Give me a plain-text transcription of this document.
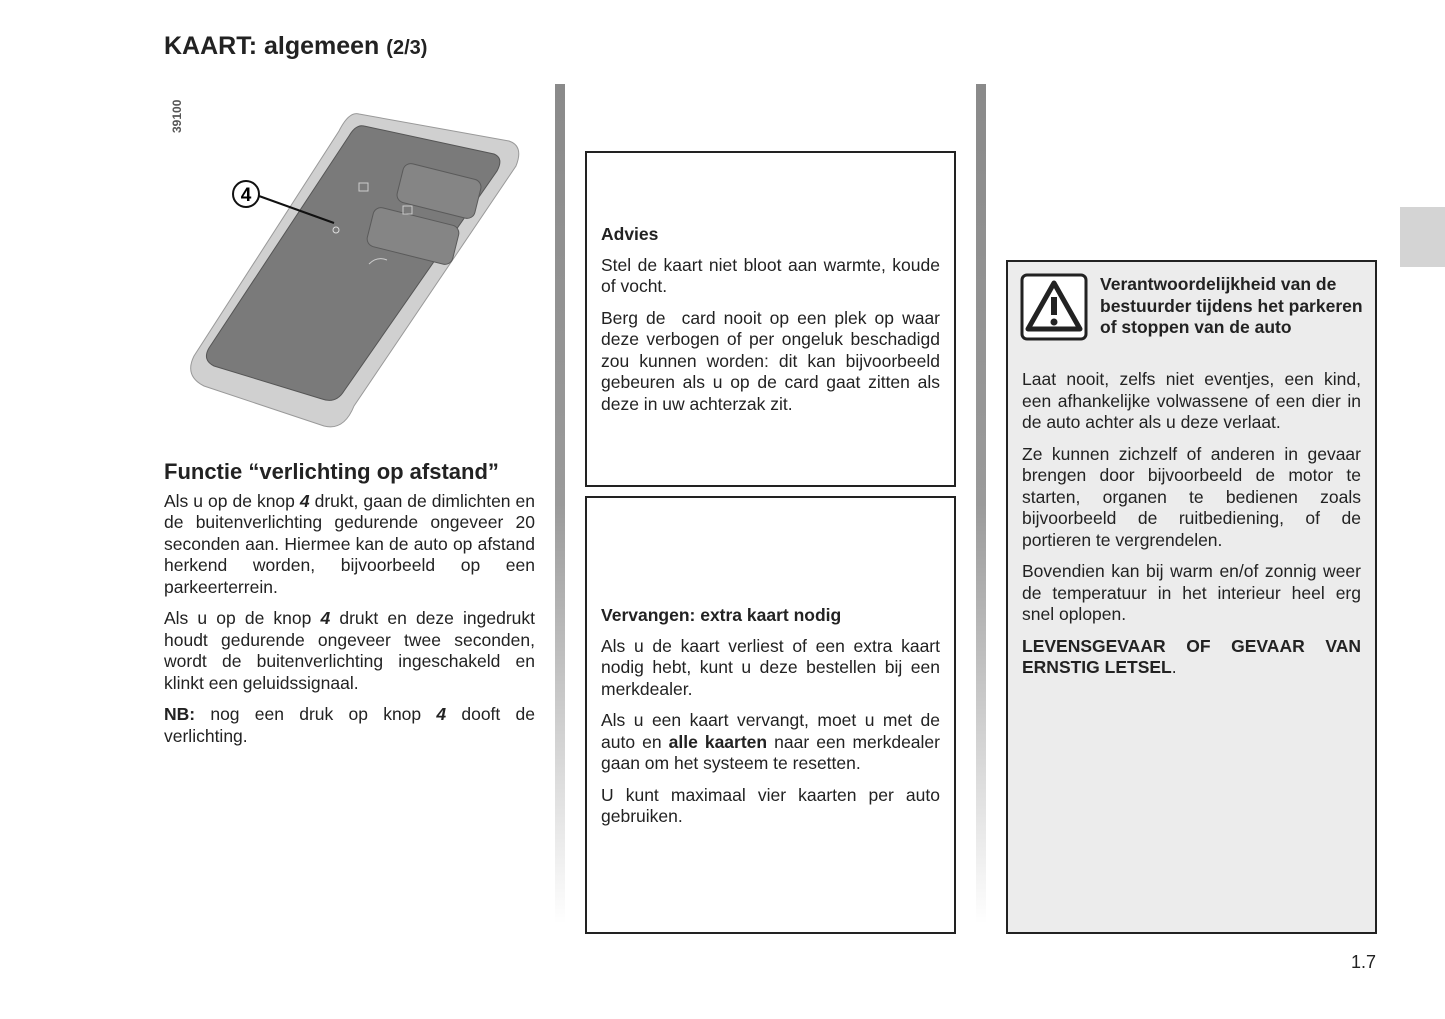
KAART: algemeen (2/3)
39100
4
Functie “verlichting op afstand”

Als u op de knop 4 drukt, gaan de dimlichten en de buitenverlichting gedurende ongeveer 20 seconden aan. Hiermee kan de auto op afstand herkend worden, bijvoorbeeld op een parkeerterrein.

Als u op de knop 4 drukt en deze ingedrukt houdt gedurende ongeveer twee seconden, wordt de buitenverlichting ingeschakeld en klinkt een geluidssignaal.

NB: nog een druk op knop 4 dooft de verlichting.

Advies

Stel de kaart niet bloot aan warmte, koude of vocht.

Berg de  card nooit op een plek op waar deze verbogen of per ongeluk beschadigd zou kunnen worden: dit kan bijvoorbeeld gebeuren als u op de card gaat zitten als deze in uw achterzak zit.

Vervangen: extra kaart nodig

Als u de kaart verliest of een extra kaart nodig hebt, kunt u deze bestellen bij een merkdealer.

Als u een kaart vervangt, moet u met de auto en alle kaarten naar een merkdealer gaan om het systeem te resetten.

U kunt maximaal vier kaarten per auto gebruiken.

Verantwoordelijkheid van de bestuurder tijdens het parkeren of stoppen van de auto

Laat nooit, zelfs niet eventjes, een kind, een afhankelijke volwassene of een dier in de auto achter als u deze verlaat.

Ze kunnen zichzelf of anderen in gevaar brengen door bijvoorbeeld de motor te starten, organen te bedienen zoals bijvoorbeeld de ruitbediening, of de portieren te vergrendelen.

Bovendien kan bij warm en/of zonnig weer de temperatuur in het interieur heel erg snel oplopen.

LEVENSGEVAAR OF GEVAAR VAN ERNSTIG LETSEL.

1.7
